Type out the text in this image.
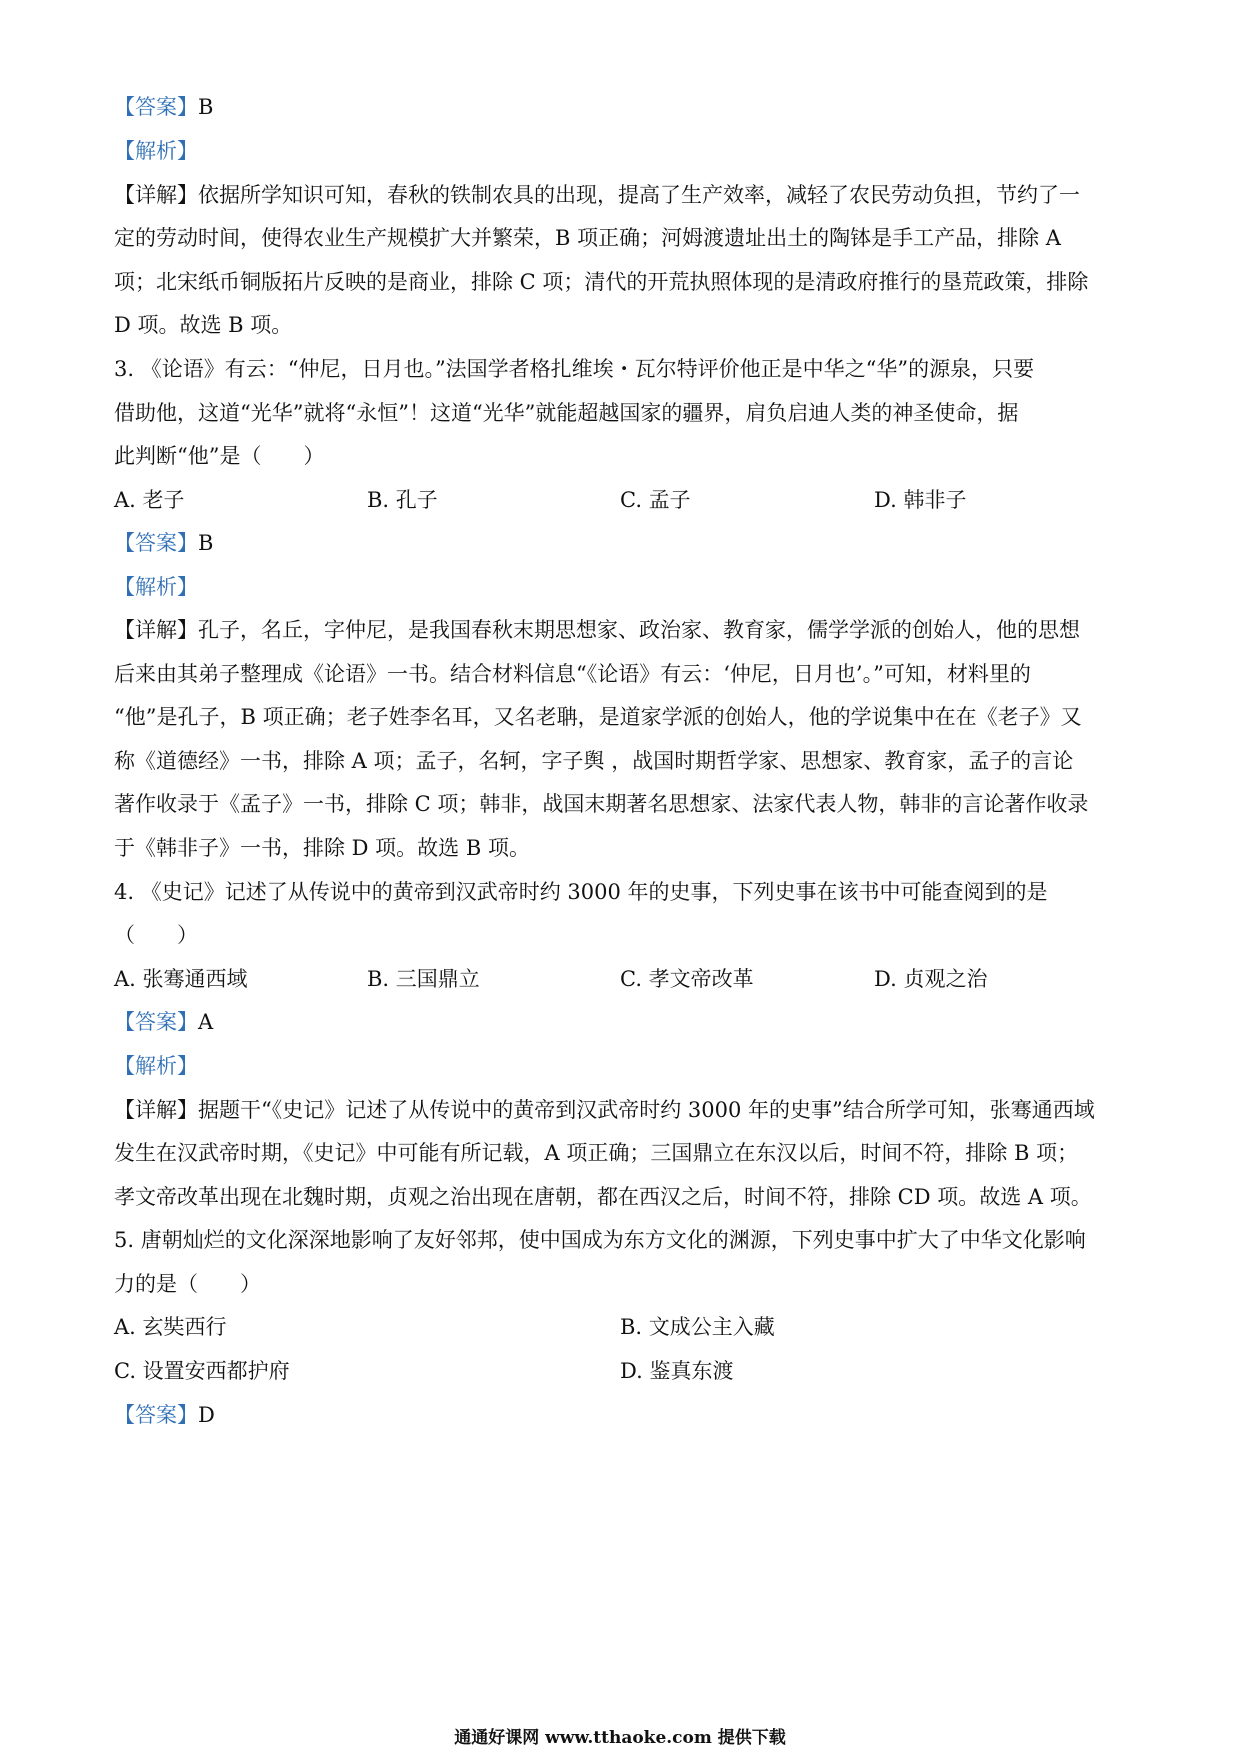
【答案】B
【解析】
【详解】依据所学知识可知，春秋的铁制农具的出现，提高了生产效率，减轻了农民劳动负担，节约了一
定的劳动时间，使得农业生产规模扩大并繁荣，B 项正确；河姆渡遗址出土的陶钵是手工产品，排除 A
项；北宋纸币铜版拓片反映的是商业，排除 C 项；清代的开荒执照体现的是清政府推行的垦荒政策，排除
D 项。故选 B 项。
3. 《论语》有云：“仲尼，日月也。”法国学者格扎维埃・瓦尔特评价他正是中华之“华”的源泉，只要
借助他，这道“光华”就将“永恒”！这道“光华”就能超越国家的疆界，肩负启迪人类的神圣使命，据
此判断“他”是（　　）
A. 老子	B. 孔子	C. 孟子	D. 韩非子
【答案】B
【解析】
【详解】孔子，名丘，字仲尼，是我国春秋末期思想家、政治家、教育家，儒学学派的创始人，他的思想
后来由其弟子整理成《论语》一书。结合材料信息“《论语》有云：‘仲尼，日月也’。”可知，材料里的
“他”是孔子，B 项正确；老子姓李名耳，又名老聃，是道家学派的创始人，他的学说集中在在《老子》又
称《道德经》一书，排除 A 项；孟子，名轲，字子舆 ，战国时期哲学家、思想家、教育家，孟子的言论
著作收录于《孟子》一书，排除 C 项；韩非，战国末期著名思想家、法家代表人物，韩非的言论著作收录
于《韩非子》一书，排除 D 项。故选 B 项。
4. 《史记》记述了从传说中的黄帝到汉武帝时约 3000 年的史事，下列史事在该书中可能查阅到的是
（　　）
A. 张骞通西域	B. 三国鼎立	C. 孝文帝改革	D. 贞观之治
【答案】A
【解析】
【详解】据题干“《史记》记述了从传说中的黄帝到汉武帝时约 3000 年的史事”结合所学可知，张骞通西域
发生在汉武帝时期，《史记》中可能有所记载，A 项正确；三国鼎立在东汉以后，时间不符，排除 B 项；
孝文帝改革出现在北魏时期，贞观之治出现在唐朝，都在西汉之后，时间不符，排除 CD 项。故选 A 项。
5. 唐朝灿烂的文化深深地影响了友好邻邦，使中国成为东方文化的渊源，下列史事中扩大了中华文化影响
力的是（　　）
A. 玄奘西行	B. 文成公主入藏
C. 设置安西都护府	D. 鉴真东渡
【答案】D
通通好课网 www.tthaoke.com 提供下载
